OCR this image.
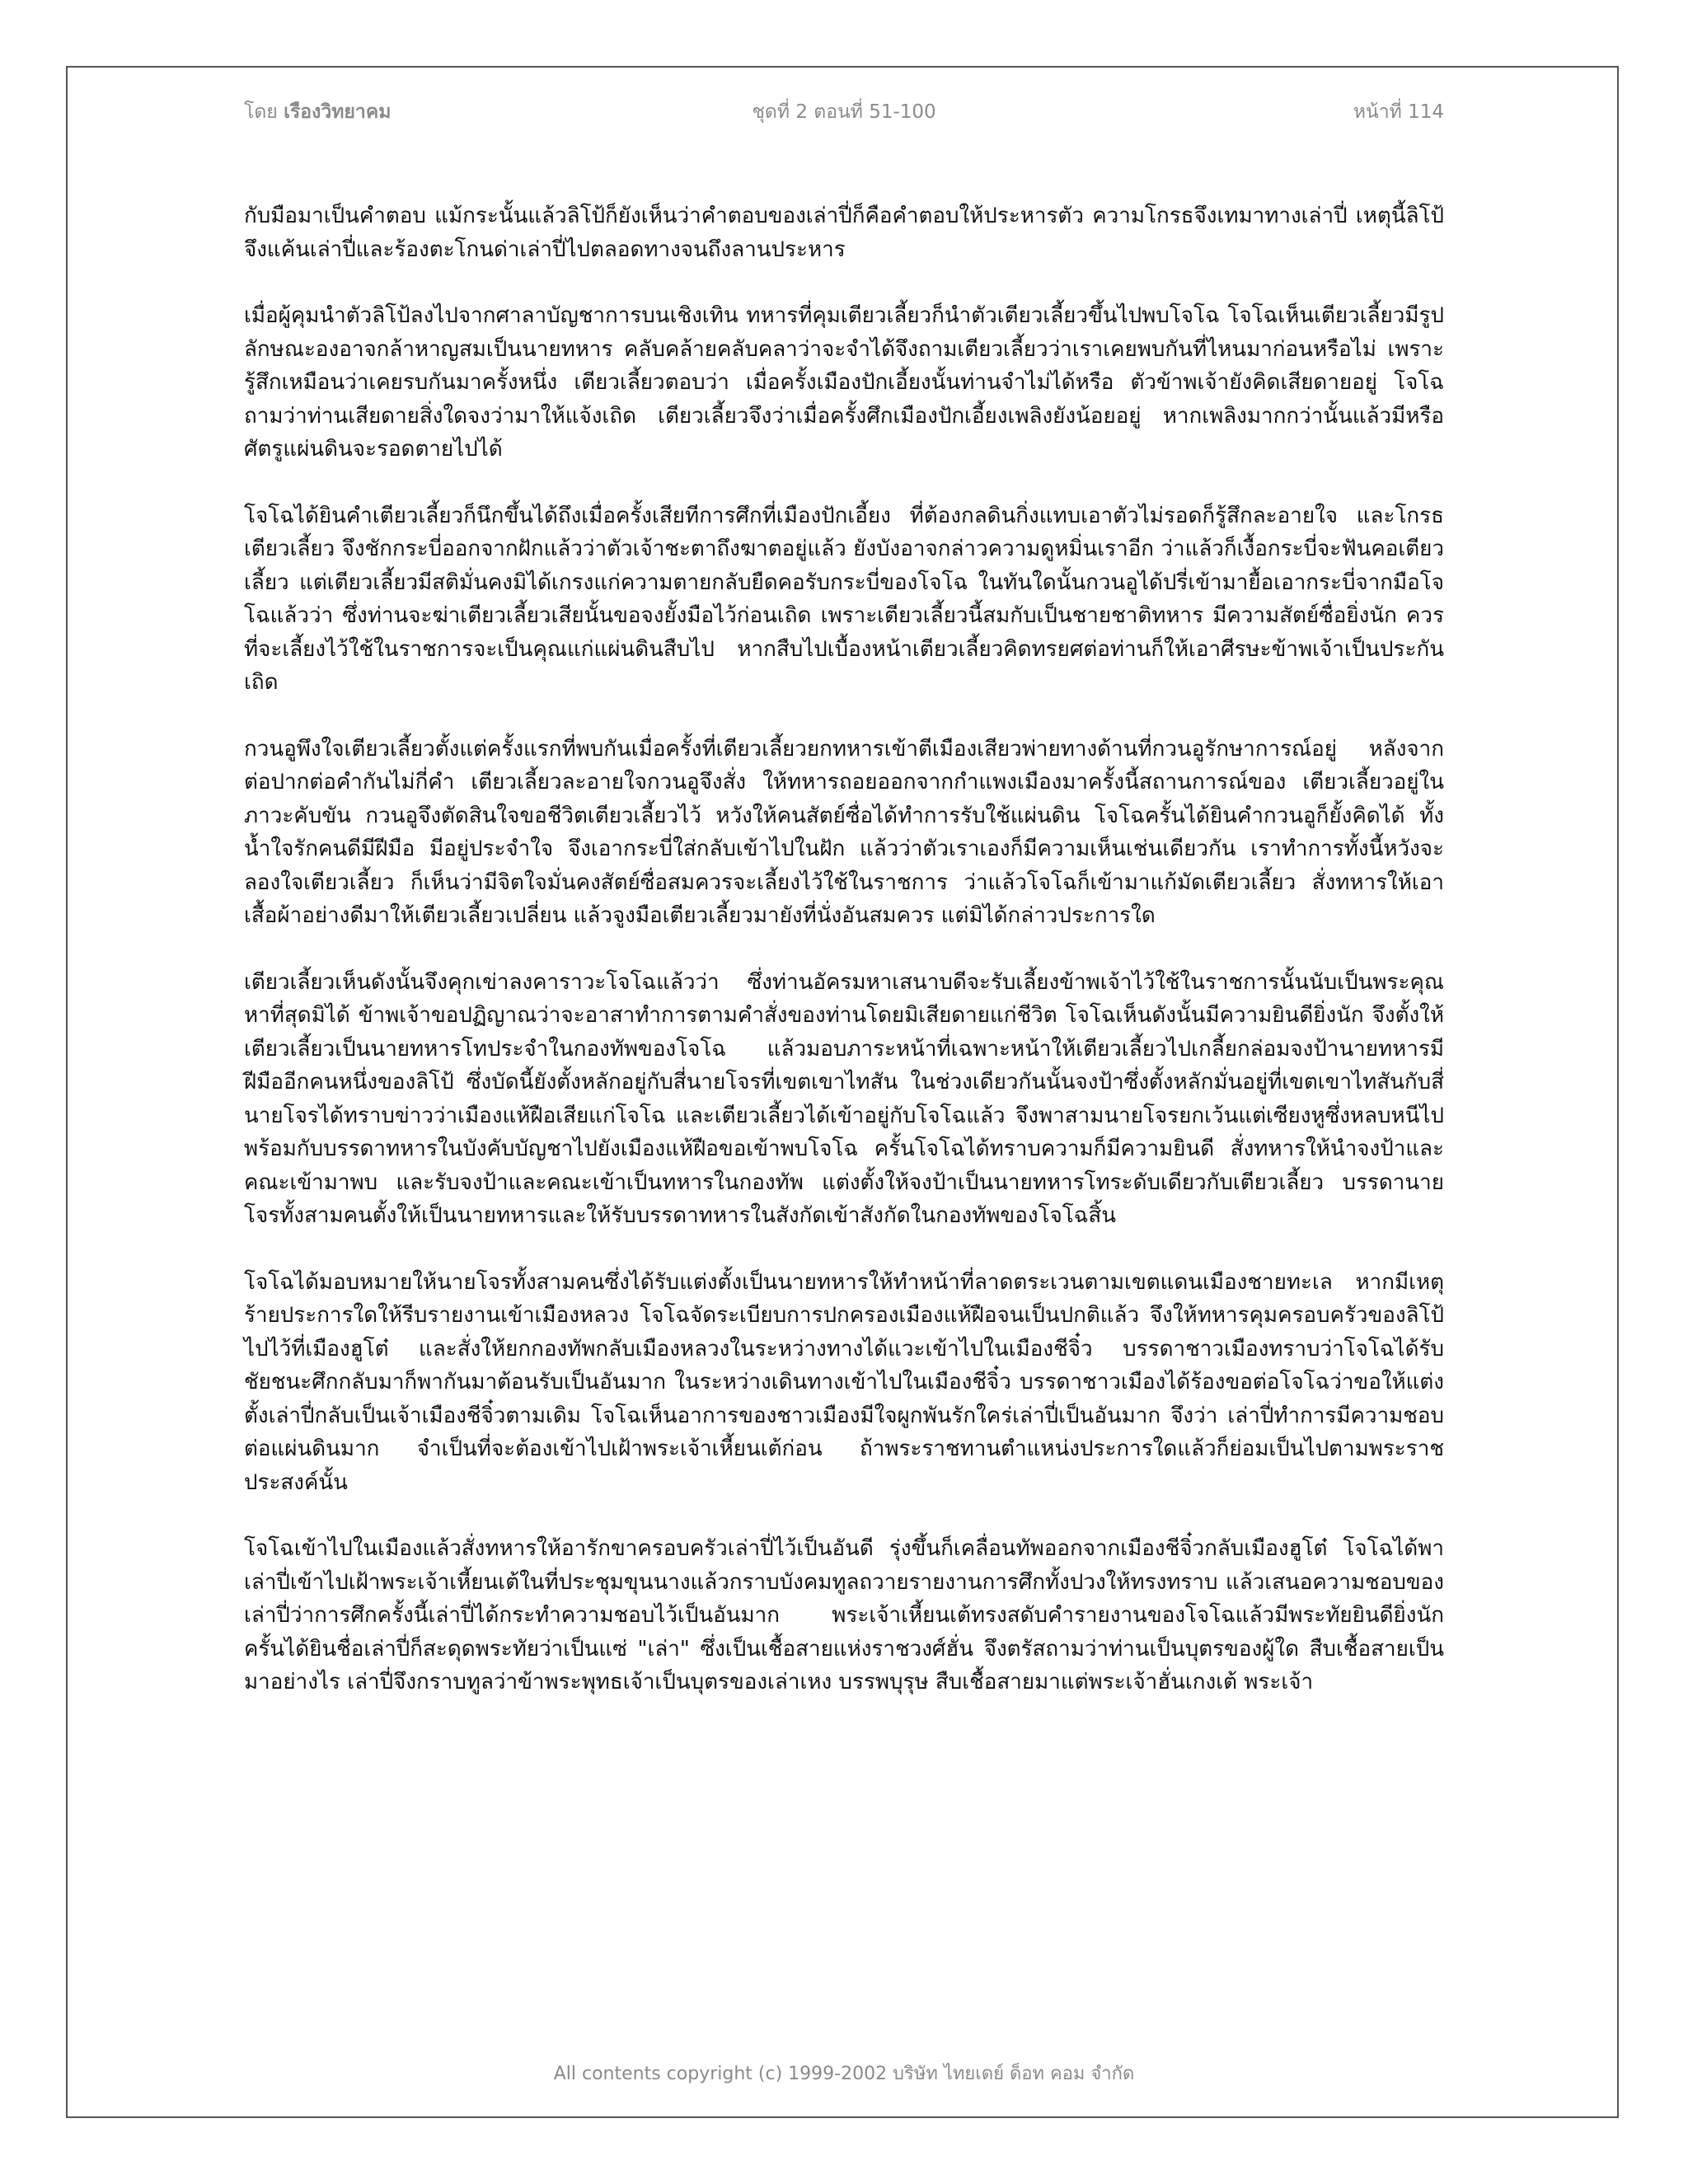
โดย เรืองวิทยาคม	ชุดที่ 2 ตอนที่ 51-100	หน้าที่ 114

กับมือมาเป็นคำตอบ แม้กระนั้นแล้วลิโป้ก็ยังเห็นว่าคำตอบของเล่าปี่ก็คือคำตอบให้ประหารตัว ความโกรธจึงเทมาทางเล่าปี่ เหตุนี้ลิโป้จึงแค้นเล่าปี่และร้องตะโกนด่าเล่าปี่ไปตลอดทางจนถึงลานประหาร

เมื่อผู้คุมนำตัวลิโป้ลงไปจากศาลาบัญชาการบนเชิงเทิน ทหารที่คุมเตียวเลี้ยวก็นำตัวเตียวเลี้ยวขึ้นไปพบโจโฉ โจโฉเห็นเตียวเลี้ยวมีรูปลักษณะองอาจกล้าหาญสมเป็นนายทหาร คลับคล้ายคลับคลาว่าจะจำได้จึงถามเตียวเลี้ยวว่าเราเคยพบกันที่ไหนมาก่อนหรือไม่ เพราะรู้สึกเหมือนว่าเคยรบกันมาครั้งหนึ่ง เตียวเลี้ยวตอบว่า เมื่อครั้งเมืองปักเอี้ยงนั้นท่านจำไม่ได้หรือ ตัวข้าพเจ้ายังคิดเสียดายอยู่ โจโฉถามว่าท่านเสียดายสิ่งใดจงว่ามาให้แจ้งเถิด เตียวเลี้ยวจึงว่าเมื่อครั้งศึกเมืองปักเอี้ยงเพลิงยังน้อยอยู่ หากเพลิงมากกว่านั้นแล้วมีหรือศัตรูแผ่นดินจะรอดตายไปได้

โจโฉได้ยินคำเตียวเลี้ยวก็นึกขึ้นได้ถึงเมื่อครั้งเสียทีการศึกที่เมืองปักเอี้ยง ที่ต้องกลดินกิ่งแทบเอาตัวไม่รอดก็รู้สึกละอายใจ และโกรธเตียวเลี้ยว จึงชักกระบี่ออกจากฝักแล้วว่าตัวเจ้าชะตาถึงฆาตอยู่แล้ว ยังบังอาจกล่าวความดูหมิ่นเราอีก ว่าแล้วก็เงื้อกระบี่จะฟันคอเตียวเลี้ยว แต่เตียวเลี้ยวมีสติมั่นคงมิได้เกรงแก่ความตายกลับยืดคอรับกระบี่ของโจโฉ ในทันใดนั้นกวนอูได้ปรี่เข้ามายื้อเอากระบี่จากมือโจโฉแล้วว่า ซึ่งท่านจะฆ่าเตียวเลี้ยวเสียนั้นขอจงยั้งมือไว้ก่อนเถิด เพราะเตียวเลี้ยวนี้สมกับเป็นชายชาติทหาร มีความสัตย์ซื่อยิ่งนัก ควรที่จะเลี้ยงไว้ใช้ในราชการจะเป็นคุณแก่แผ่นดินสืบไป หากสืบไปเบื้องหน้าเตียวเลี้ยวคิดทรยศต่อท่านก็ให้เอาศีรษะข้าพเจ้าเป็นประกันเถิด

กวนอูพึงใจเตียวเลี้ยวตั้งแต่ครั้งแรกที่พบกันเมื่อครั้งที่เตียวเลี้ยวยกทหารเข้าตีเมืองเสียวพ่ายทางด้านที่กวนอูรักษาการณ์อยู่ หลังจากต่อปากต่อคำกันไม่กี่คำ เตียวเลี้ยวละอายใจกวนอูจึงสั่ง ให้ทหารถอยออกจากกำแพงเมืองมาครั้งนี้สถานการณ์ของ เตียวเลี้ยวอยู่ในภาวะคับขัน กวนอูจึงตัดสินใจขอชีวิตเตียวเลี้ยวไว้ หวังให้คนสัตย์ซื่อได้ทำการรับใช้แผ่นดิน โจโฉครั้นได้ยินคำกวนอูก็ยั้งคิดได้ ทั้งน้ำใจรักคนดีมีฝีมือ มีอยู่ประจำใจ จึงเอากระบี่ใส่กลับเข้าไปในฝัก แล้วว่าตัวเราเองก็มีความเห็นเช่นเดียวกัน เราทำการทั้งนี้หวังจะลองใจเตียวเลี้ยว ก็เห็นว่ามีจิตใจมั่นคงสัตย์ซื่อสมควรจะเลี้ยงไว้ใช้ในราชการ ว่าแล้วโจโฉก็เข้ามาแก้มัดเตียวเลี้ยว สั่งทหารให้เอาเสื้อผ้าอย่างดีมาให้เตียวเลี้ยวเปลี่ยน แล้วจูงมือเตียวเลี้ยวมายังที่นั่งอันสมควร แต่มิได้กล่าวประการใด

เตียวเลี้ยวเห็นดังนั้นจึงคุกเข่าลงคาราวะโจโฉแล้วว่า ซึ่งท่านอัครมหาเสนาบดีจะรับเลี้ยงข้าพเจ้าไว้ใช้ในราชการนั้นนับเป็นพระคุณหาที่สุดมิได้ ข้าพเจ้าขอปฏิญาณว่าจะอาสาทำการตามคำสั่งของท่านโดยมิเสียดายแก่ชีวิต โจโฉเห็นดังนั้นมีความยินดียิ่งนัก จึงตั้งให้เตียวเลี้ยวเป็นนายทหารโทประจำในกองทัพของโจโฉ แล้วมอบภาระหน้าที่เฉพาะหน้าให้เตียวเลี้ยวไปเกลี้ยกล่อมจงป้านายทหารมีฝีมืออีกคนหนึ่งของลิโป้ ซึ่งบัดนี้ยังตั้งหลักอยู่กับสี่นายโจรที่เขตเขาไทสัน ในช่วงเดียวกันนั้นจงป้าซึ่งตั้งหลักมั่นอยู่ที่เขตเขาไทสันกับสี่นายโจรได้ทราบข่าวว่าเมืองแห้ฝือเสียแก่โจโฉ และเตียวเลี้ยวได้เข้าอยู่กับโจโฉแล้ว จึงพาสามนายโจรยกเว้นแต่เซียงหูซึ่งหลบหนีไป พร้อมกับบรรดาทหารในบังคับบัญชาไปยังเมืองแห้ฝือขอเข้าพบโจโฉ ครั้นโจโฉได้ทราบความก็มีความยินดี สั่งทหารให้นำจงป้าและคณะเข้ามาพบ และรับจงป้าและคณะเข้าเป็นทหารในกองทัพ แต่งตั้งให้จงป้าเป็นนายทหารโทระดับเดียวกับเตียวเลี้ยว บรรดานายโจรทั้งสามคนตั้งให้เป็นนายทหารและให้รับบรรดาทหารในสังกัดเข้าสังกัดในกองทัพของโจโฉสิ้น

โจโฉได้มอบหมายให้นายโจรทั้งสามคนซึ่งได้รับแต่งตั้งเป็นนายทหารให้ทำหน้าที่ลาดตระเวนตามเขตแดนเมืองชายทะเล หากมีเหตุร้ายประการใดให้รีบรายงานเข้าเมืองหลวง โจโฉจัดระเบียบการปกครองเมืองแห้ฝือจนเป็นปกติแล้ว จึงให้ทหารคุมครอบครัวของลิโป้ไปไว้ที่เมืองฮูโต๋ และสั่งให้ยกกองทัพกลับเมืองหลวงในระหว่างทางได้แวะเข้าไปในเมืองชีจิ๋ว บรรดาชาวเมืองทราบว่าโจโฉได้รับชัยชนะศึกกลับมาก็พากันมาต้อนรับเป็นอันมาก ในระหว่างเดินทางเข้าไปในเมืองชีจิ๋ว บรรดาชาวเมืองได้ร้องขอต่อโจโฉว่าขอให้แต่งตั้งเล่าปี่กลับเป็นเจ้าเมืองชีจิ๋วตามเดิม โจโฉเห็นอาการของชาวเมืองมีใจผูกพันรักใคร่เล่าปี่เป็นอันมาก จึงว่า เล่าปี่ทำการมีความชอบต่อแผ่นดินมาก จำเป็นที่จะต้องเข้าไปเฝ้าพระเจ้าเหี้ยนเต้ก่อน ถ้าพระราชทานตำแหน่งประการใดแล้วก็ย่อมเป็นไปตามพระราชประสงค์นั้น

โจโฉเข้าไปในเมืองแล้วสั่งทหารให้อารักขาครอบครัวเล่าปี่ไว้เป็นอันดี รุ่งขึ้นก็เคลื่อนทัพออกจากเมืองชีจิ๋วกลับเมืองฮูโต๋ โจโฉได้พาเล่าปี่เข้าไปเฝ้าพระเจ้าเหี้ยนเต้ในที่ประชุมขุนนางแล้วกราบบังคมทูลถวายรายงานการศึกทั้งปวงให้ทรงทราบ แล้วเสนอความชอบของเล่าปี่ว่าการศึกครั้งนี้เล่าปี่ได้กระทำความชอบไว้เป็นอันมาก พระเจ้าเหี้ยนเต้ทรงสดับคำรายงานของโจโฉแล้วมีพระทัยยินดียิ่งนัก ครั้นได้ยินชื่อเล่าปี่ก็สะดุดพระทัยว่าเป็นแซ่ "เล่า" ซึ่งเป็นเชื้อสายแห่งราชวงศ์ฮั่น จึงตรัสถามว่าท่านเป็นบุตรของผู้ใด สืบเชื้อสายเป็นมาอย่างไร เล่าปี่จึงกราบทูลว่าข้าพระพุทธเจ้าเป็นบุตรของเล่าเหง บรรพบุรุษ สืบเชื้อสายมาแต่พระเจ้าฮั่นเกงเต้ พระเจ้า

All contents copyright (c) 1999-2002 บริษัท ไทยเดย์ ด็อท คอม จำกัด
